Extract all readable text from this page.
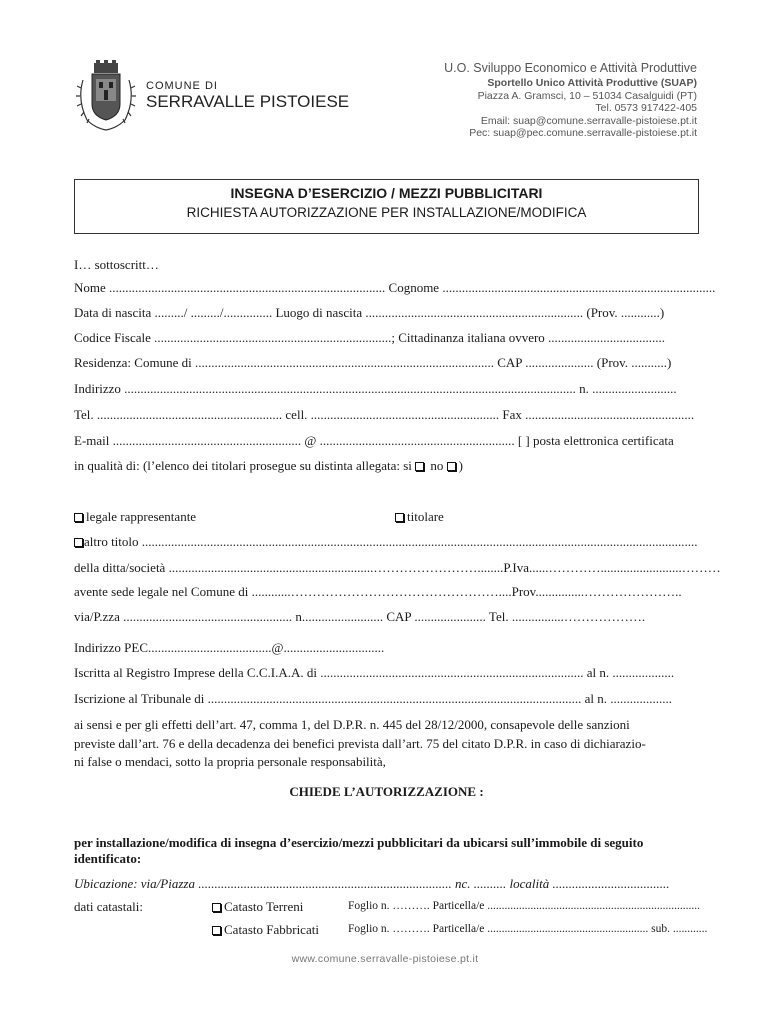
COMUNE DI
SERRAVALLE PISTOIESE
U.O. Sviluppo Economico e Attività Produttive
Sportello Unico Attività Produttive (SUAP)
Piazza A. Gramsci, 10 – 51034 Casalguidi (PT)
Tel. 0573 917422-405
Email: suap@comune.serravalle-pistoiese.pt.it
Pec: suap@pec.comune.serravalle-pistoiese.pt.it
INSEGNA D’ESERCIZIO / MEZZI PUBBLICITARI
RICHIESTA AUTORIZZAZIONE PER INSTALLAZIONE/MODIFICA
I… sottoscritt…
Nome ..................................................................................... Cognome ....................................................................................
Data di nascita ........./ ........./............... Luogo di nascita ................................................................... (Prov. ............)
Codice Fiscale .........................................................................; Cittadinanza italiana ovvero ....................................
Residenza: Comune di ............................................................................................ CAP ..................... (Prov. ...........)
Indirizzo ........................................................................................................................................... n. ..........................
Tel. ......................................................... cell. .......................................................... Fax ....................................................
E-mail .......................................................... @ ............................................................ [ ] posta elettronica certificata
in qualità di: (l’elenco dei titolari prosegue su distinta allegata: si  no )
legale rappresentante	titolare
altro titolo ...........................................................................................................................................................................
della ditta/società ...............................................................……………………........P.Iva......………….........................………
avente sede legale nel Comune di ............…………………………………………....Prov...............…………………..
via/P.zza .................................................... n......................... CAP ...................... Tel. ................……………….
Indirizzo PEC......................................@...............................
Iscritta al Registro Imprese della C.C.I.A.A. di ................................................................................. al n. ...................
Iscrizione al Tribunale di ................................................................................................................... al n. ...................
ai sensi e per gli effetti dell’art. 47, comma 1, del D.P.R. n. 445 del 28/12/2000, consapevole delle sanzioni
previste dall’art. 76 e della decadenza dei benefici prevista dall’art. 75 del citato D.P.R. in caso di dichiarazio-
ni false o mendaci, sotto la propria personale responsabilità,
CHIEDE L’AUTORIZZAZIONE :
per installazione/modifica di insegna d’esercizio/mezzi pubblicitari da ubicarsi sull’immobile di seguito
identificato:
Ubicazione: via/Piazza .............................................................................. nc. .......... località ....................................
dati catastali:	Catasto Terreni	Foglio n. ………. Particella/e ..........................................................................
Catasto Fabbricati	Foglio n. ………. Particella/e ........................................................ sub. ............
www.comune.serravalle-pistoiese.pt.it
